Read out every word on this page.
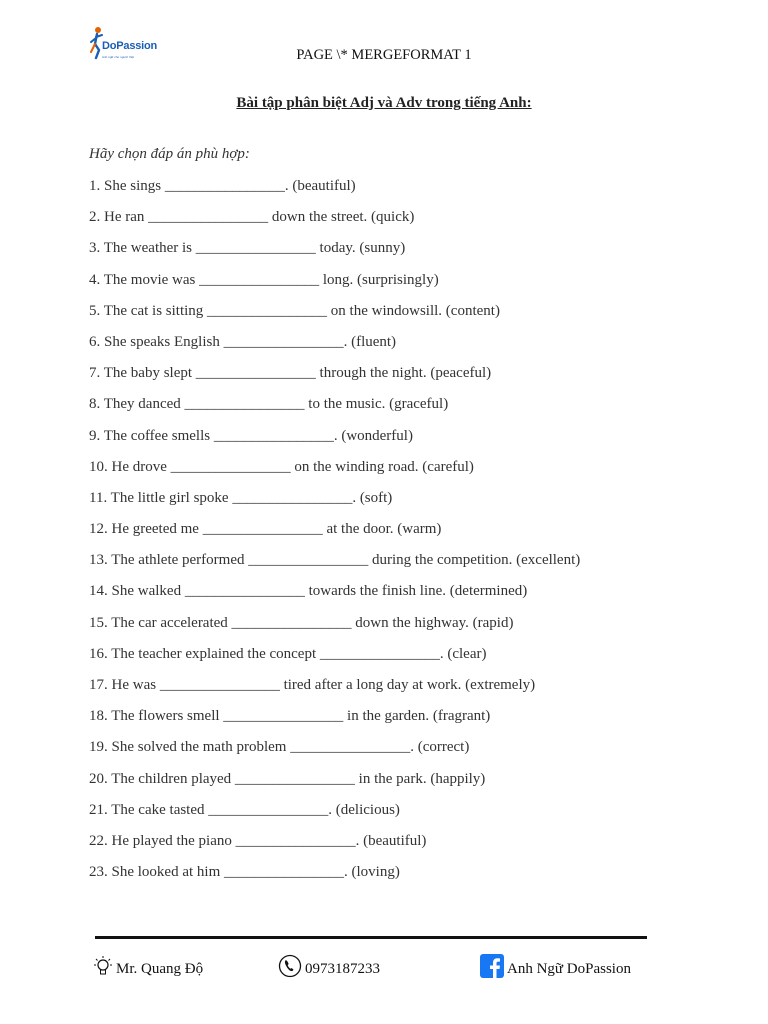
DoPassion
Anh ngữ cho người Việt	PAGE \* MERGEFORMAT 1
Bài tập phân biệt Adj và Adv trong tiếng Anh:
Hãy chọn đáp án phù hợp:
1. She sings ________________. (beautiful)
2. He ran ________________ down the street. (quick)
3. The weather is ________________ today. (sunny)
4. The movie was ________________ long. (surprisingly)
5. The cat is sitting ________________ on the windowsill. (content)
6. She speaks English ________________. (fluent)
7. The baby slept ________________ through the night. (peaceful)
8. They danced ________________ to the music. (graceful)
9. The coffee smells ________________. (wonderful)
10. He drove ________________ on the winding road. (careful)
11. The little girl spoke ________________. (soft)
12. He greeted me ________________ at the door. (warm)
13. The athlete performed ________________ during the competition. (excellent)
14. She walked ________________ towards the finish line. (determined)
15. The car accelerated ________________ down the highway. (rapid)
16. The teacher explained the concept ________________. (clear)
17. He was ________________ tired after a long day at work. (extremely)
18. The flowers smell ________________ in the garden. (fragrant)
19. She solved the math problem ________________. (correct)
20. The children played ________________ in the park. (happily)
21. The cake tasted ________________. (delicious)
22. He played the piano ________________. (beautiful)
23. She looked at him ________________. (loving)
Mr. Quang Độ	0973187233	Anh Ngữ DoPassion
